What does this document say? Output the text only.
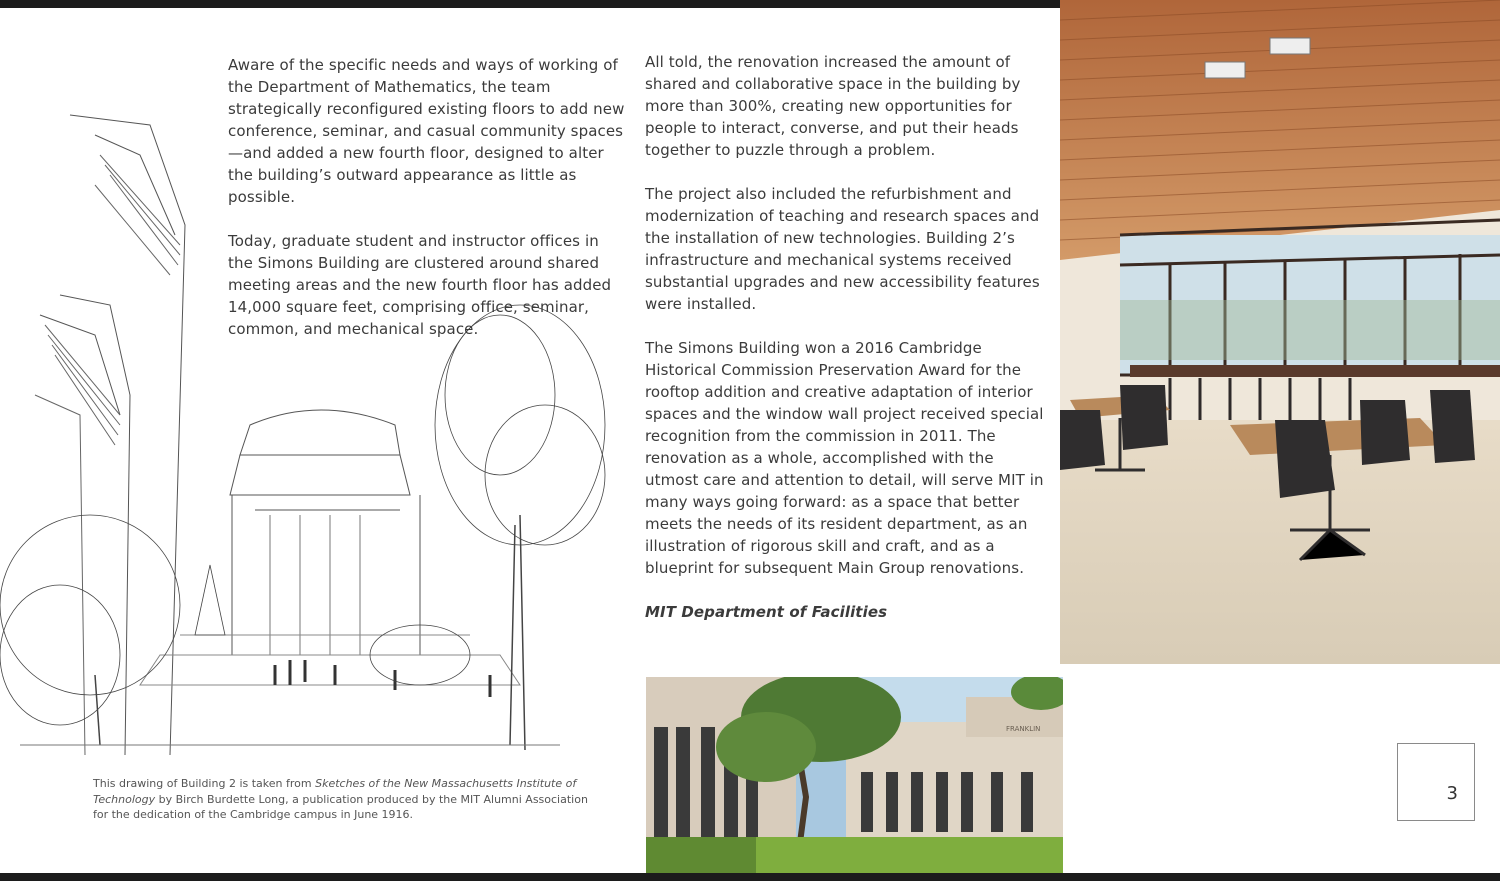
Aware of the specific needs and ways of working of the Department of Mathematics, the team strategically reconfigured existing floors to add new conference, seminar, and casual community spaces—and added a new fourth floor, designed to alter the building’s outward appearance as little as possible.

Today, graduate student and instructor offices in the Simons Building are clustered around shared meeting areas and the new fourth floor has added 14,000 square feet, comprising office, seminar, common, and mechanical space.

All told, the renovation increased the amount of shared and collaborative space in the building by more than 300%, creating new opportunities for people to interact, converse, and put their heads together to puzzle through a problem.

The project also included the refurbishment and modernization of teaching and research spaces and the installation of new technologies. Building 2’s infrastructure and mechanical systems received substantial upgrades and new accessibility features were installed.

The Simons Building won a 2016 Cambridge Historical Commission Preservation Award for the rooftop addition and creative adaptation of interior spaces and the window wall project received special recognition from the commission in 2011. The renovation as a whole, accomplished with the utmost care and attention to detail, will serve MIT in many ways going forward: as a space that better meets the needs of its resident department, as an illustration of rigorous skill and craft, and as a blueprint for subsequent Main Group renovations.

MIT Department of Facilities

This drawing of Building 2 is taken from Sketches of the New Massachusetts Institute of Technology by Birch Burdette Long, a publication produced by the MIT Alumni Association for the dedication of the Cambridge campus in June 1916.
FRANKLIN
3
